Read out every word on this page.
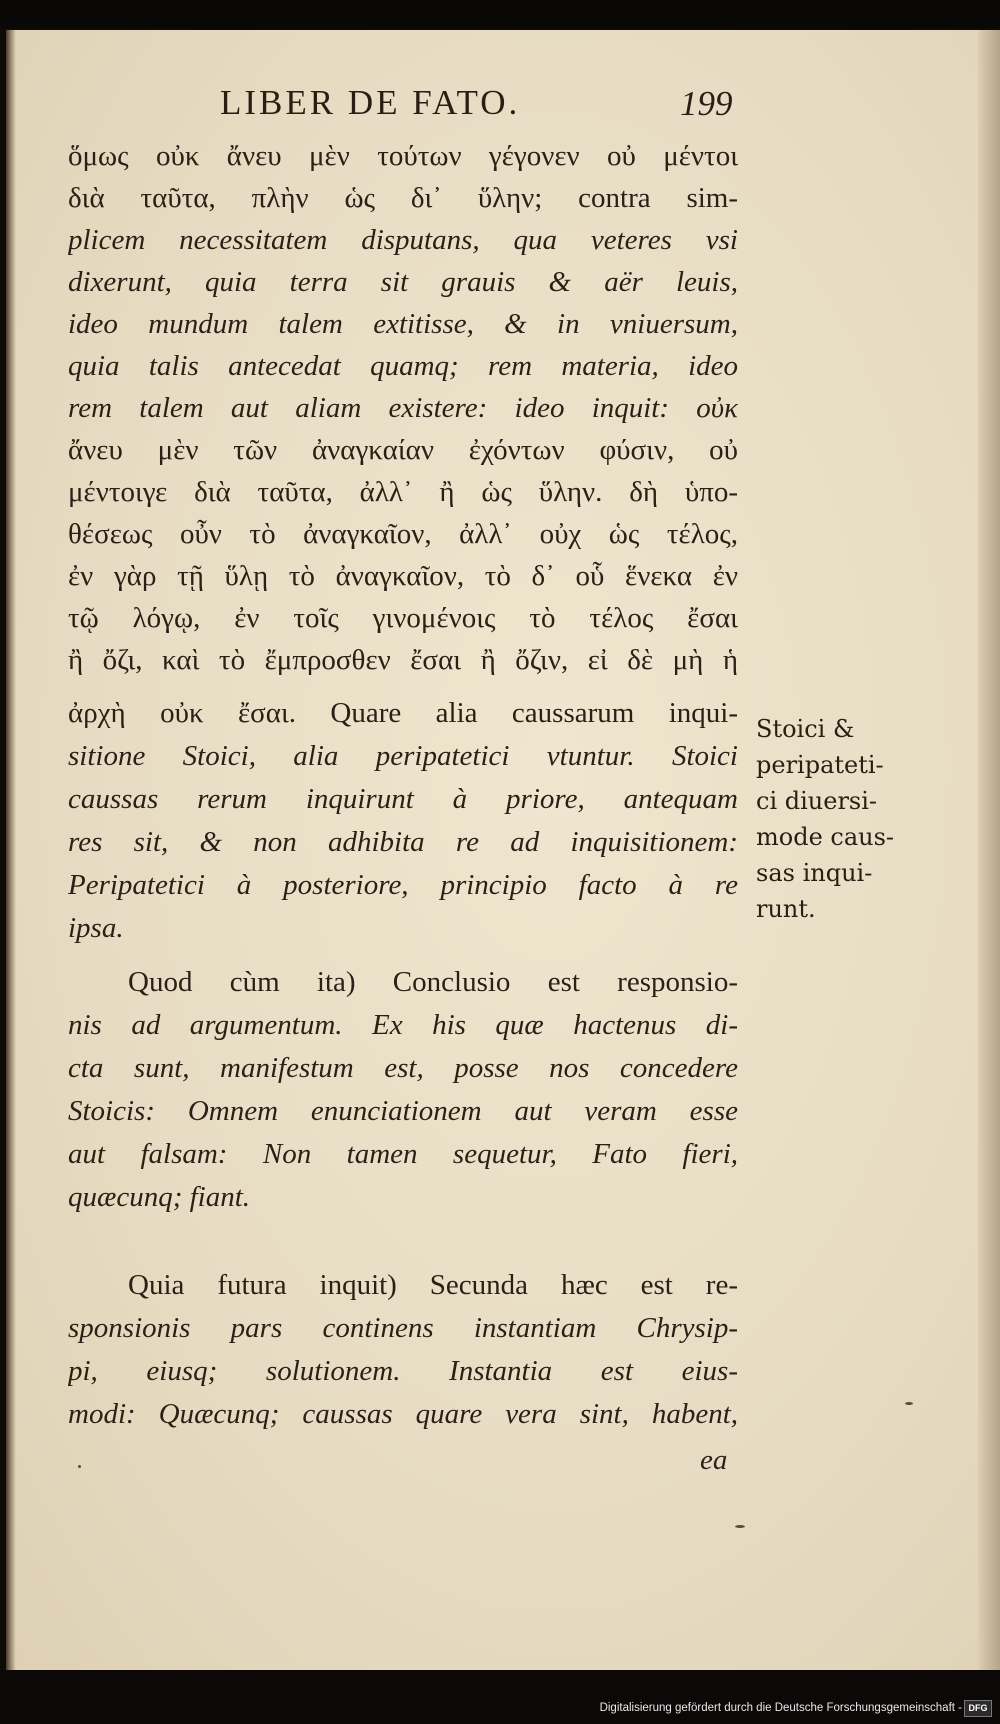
LIBER DE FATO.	199
ὅμως οὐκ ἄνευ μὲν τούτων γέγονεν οὐ μέντοι
διὰ ταῦτα, πλὴν ὡς δι᾽ ὕλην; contra sim-
plicem necessitatem disputans, qua veteres vsi
dixerunt, quia terra sit grauis & aër leuis,
ideo mundum talem extitisse, & in vniuersum,
quia talis antecedat quamq; rem materia, ideo
rem talem aut aliam existere: ideo inquit: οὐκ
ἄνευ μὲν τῶν ἀναγκαίαν ἐχόντων φύσιν, οὐ
μέντοιγε διὰ ταῦτα, ἀλλ᾽ ἢ ὡς ὕλην. δὴ ὑπο-
θέσεως οὖν τὸ ἀναγκαῖον, ἀλλ᾽ οὐχ ὡς τέλος,
ἐν γὰρ τῇ ὕλῃ τὸ ἀναγκαῖον, τὸ δ᾽ οὗ ἕνεκα ἐν
τῷ λόγῳ, ἐν τοῖς γινομένοις τὸ τέλος ἔσαι
ἢ ὄζι, καὶ τὸ ἔμπροσθεν ἔσαι ἢ ὄζιν, εἰ δὲ μὴ ἡ
ἀρχὴ οὐκ ἔσαι. Quare alia caussarum inqui-
sitione Stoici, alia peripatetici vtuntur. Stoici
caussas rerum inquirunt à priore, antequam
res sit, & non adhibita re ad inquisitionem:
Peripatetici à posteriore, principio facto à re
ipsa.
Quod cùm ita) Conclusio est responsio-
nis ad argumentum. Ex his quæ hactenus di-
cta sunt, manifestum est, posse nos concedere
Stoicis: Omnem enunciationem aut veram esse
aut falsam: Non tamen sequetur, Fato fieri,
quæcunq; fiant.
Quia futura inquit) Secunda hæc est re-
sponsionis pars continens instantiam Chrysip-
pi, eiusq; solutionem. Instantia est eius-
modi: Quæcunq; caussas quare vera sint, habent,
ea
Stoici &
peripateti-
ci diuersi-
mode caus-
sas inqui-
runt.
Digitalisierung gefördert durch die Deutsche Forschungsgemeinschaft - DFG
